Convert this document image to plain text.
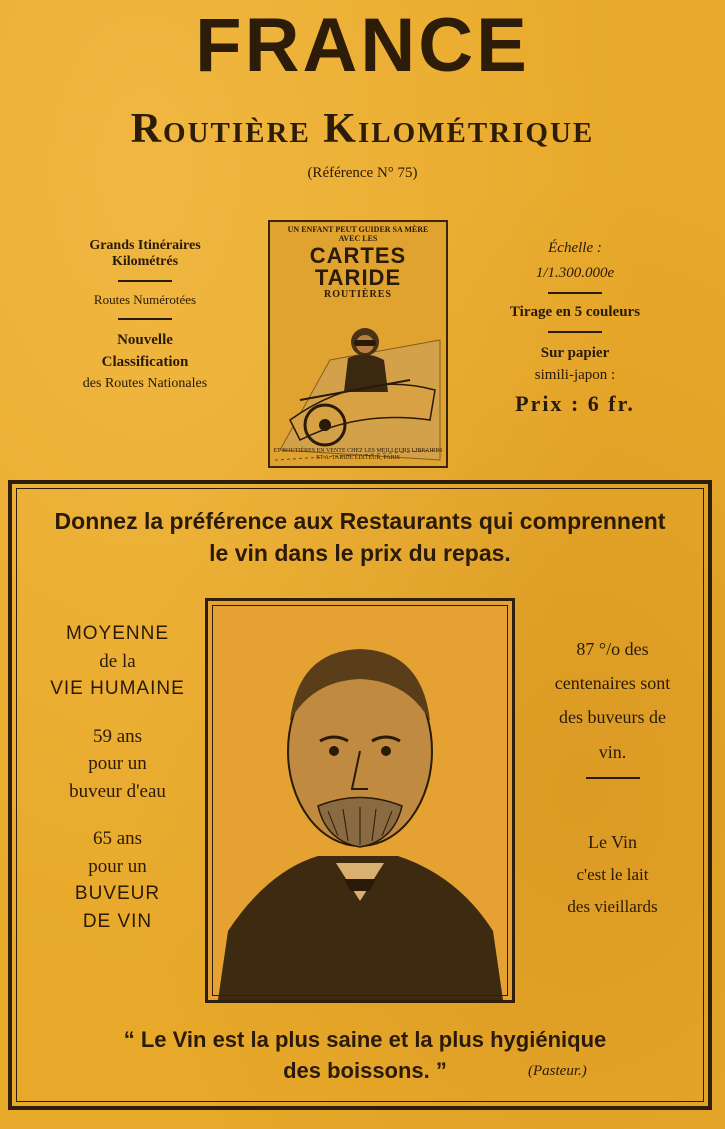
FRANCE
Routière Kilométrique
(Référence N° 75)
Grands Itinéraires
Kilométrés
Routes Numérotées
Nouvelle
Classification
des Routes Nationales
UN ENFANT PEUT GUIDER SA MÈRE
AVEC LES
CARTES TARIDE
ROUTIÈRES
ET ROUTIÈRES EN VENTE CHEZ LES MEILLEURS LIBRAIRES ET A. TARIDE ÉDITEUR, PARIS
Échelle :
1/1.300.000e
Tirage en 5 couleurs
Sur papier
simili-japon :
Prix : 6 fr.
Donnez la préférence aux Restaurants qui comprennent
le vin dans le prix du repas.
MOYENNE
de la
VIE HUMAINE
59 ans
pour un
buveur d'eau
65 ans
pour un
BUVEUR
DE VIN
87 °/o des
centenaires sont
des buveurs de
vin.
Le Vin
c'est le lait
des vieillards
“ Le Vin est la plus saine et la plus hygiénique
des boissons. ”	(Pasteur.)
